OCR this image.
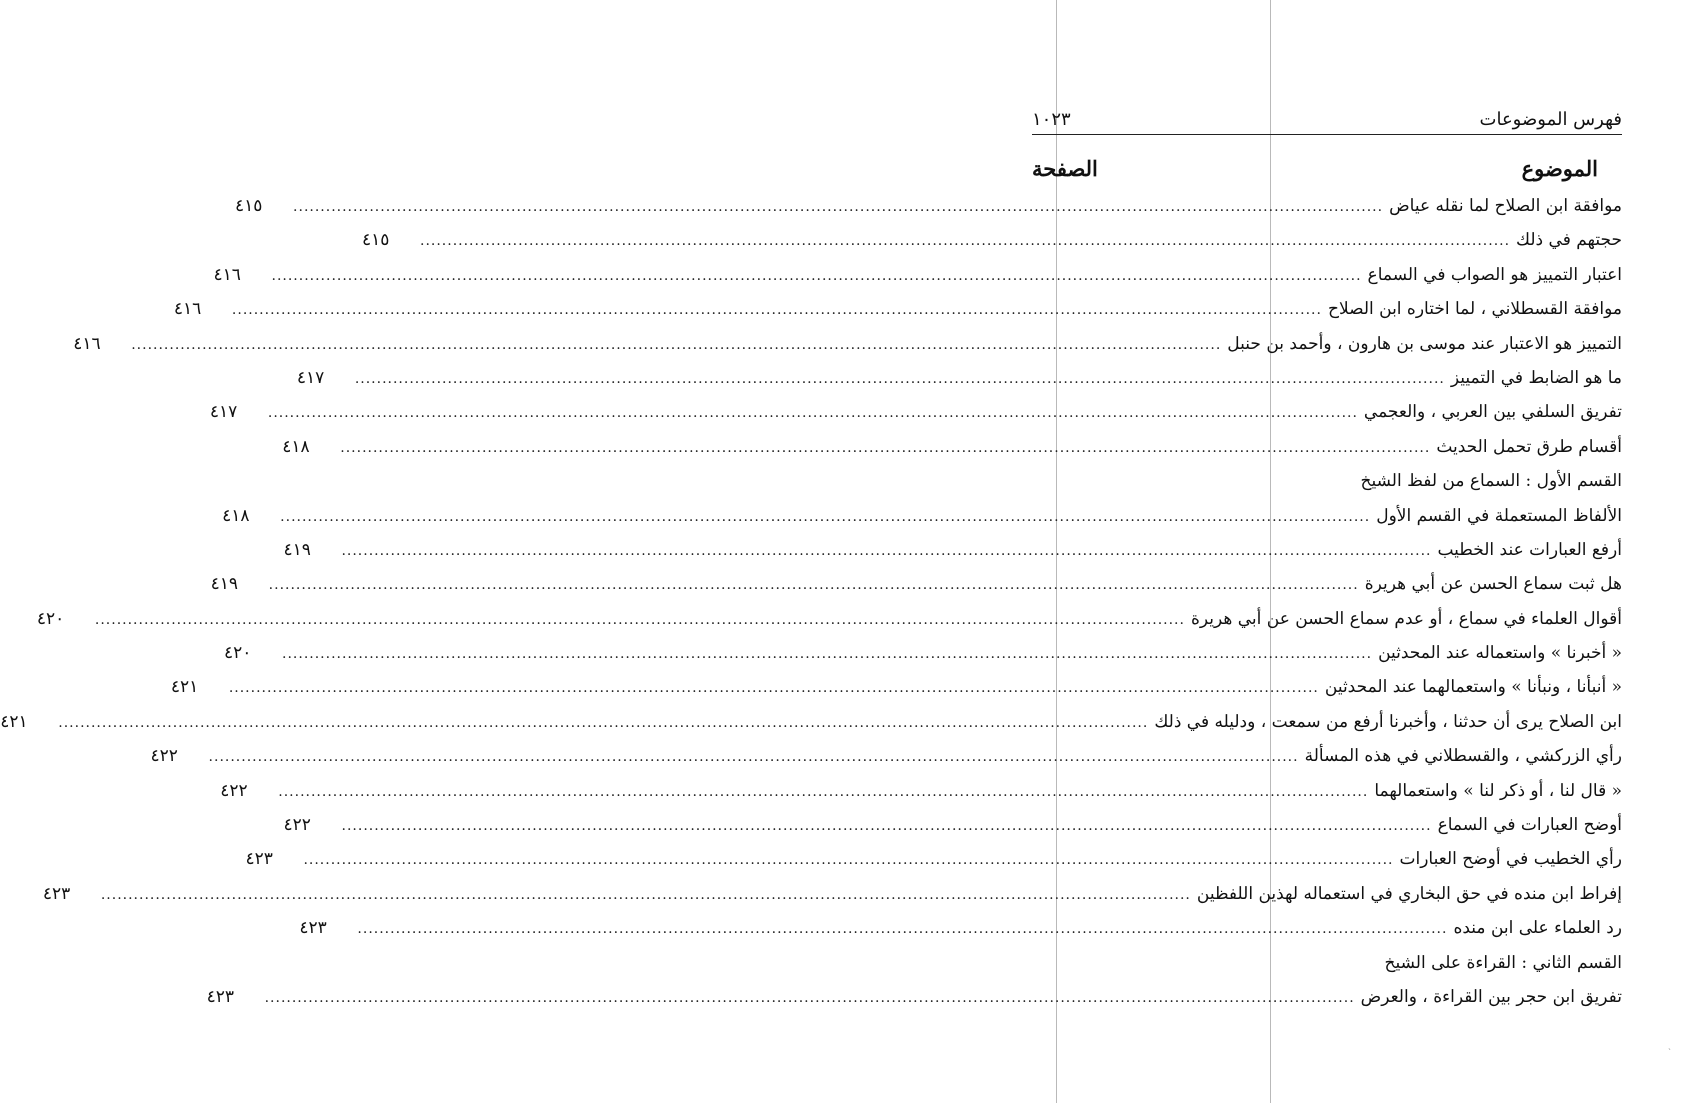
فهرس الموضوعات
١٠٢٣
الموضوع
الصفحة
موافقة ابن الصلاح لما نقله عياض
........................................................................................................................................................................................................
٤١٥
حجتهم في ذلك
........................................................................................................................................................................................................
٤١٥
اعتبار التمييز هو الصواب في السماع
........................................................................................................................................................................................................
٤١٦
موافقة القسطلاني ، لما اختاره ابن الصلاح
........................................................................................................................................................................................................
٤١٦
التمييز هو الاعتبار عند موسى بن هارون ، وأحمد بن حنبل
........................................................................................................................................................................................................
٤١٦
ما هو الضابط في التمييز
........................................................................................................................................................................................................
٤١٧
تفريق السلفي بين العربي ، والعجمي
........................................................................................................................................................................................................
٤١٧
أقسام طرق تحمل الحديث
........................................................................................................................................................................................................
٤١٨
القسم الأول : السماع من لفظ الشيخ
الألفاظ المستعملة في القسم الأول
........................................................................................................................................................................................................
٤١٨
أرفع العبارات عند الخطيب
........................................................................................................................................................................................................
٤١٩
هل ثبت سماع الحسن عن أبي هريرة
........................................................................................................................................................................................................
٤١٩
أقوال العلماء في سماع ، أو عدم سماع الحسن عن أبي هريرة
........................................................................................................................................................................................................
٤٢٠
« أخبرنا » واستعماله عند المحدثين
........................................................................................................................................................................................................
٤٢٠
« أنبأنا ، ونبأنا » واستعمالهما عند المحدثين
........................................................................................................................................................................................................
٤٢١
ابن الصلاح يرى أن حدثنا ، وأخبرنا أرفع من سمعت ، ودليله في ذلك
........................................................................................................................................................................................................
٤٢١
رأي الزركشي ، والقسطلاني في هذه المسألة
........................................................................................................................................................................................................
٤٢٢
« قال لنا ، أو ذكر لنا » واستعمالهما
........................................................................................................................................................................................................
٤٢٢
أوضح العبارات في السماع
........................................................................................................................................................................................................
٤٢٢
رأي الخطيب في أوضح العبارات
........................................................................................................................................................................................................
٤٢٣
إفراط ابن منده في حق البخاري في استعماله لهذين اللفظين
........................................................................................................................................................................................................
٤٢٣
رد العلماء على ابن منده
........................................................................................................................................................................................................
٤٢٣
القسم الثاني : القراءة على الشيخ
تفريق ابن حجر بين القراءة ، والعرض
........................................................................................................................................................................................................
٤٢٣
ˎ
